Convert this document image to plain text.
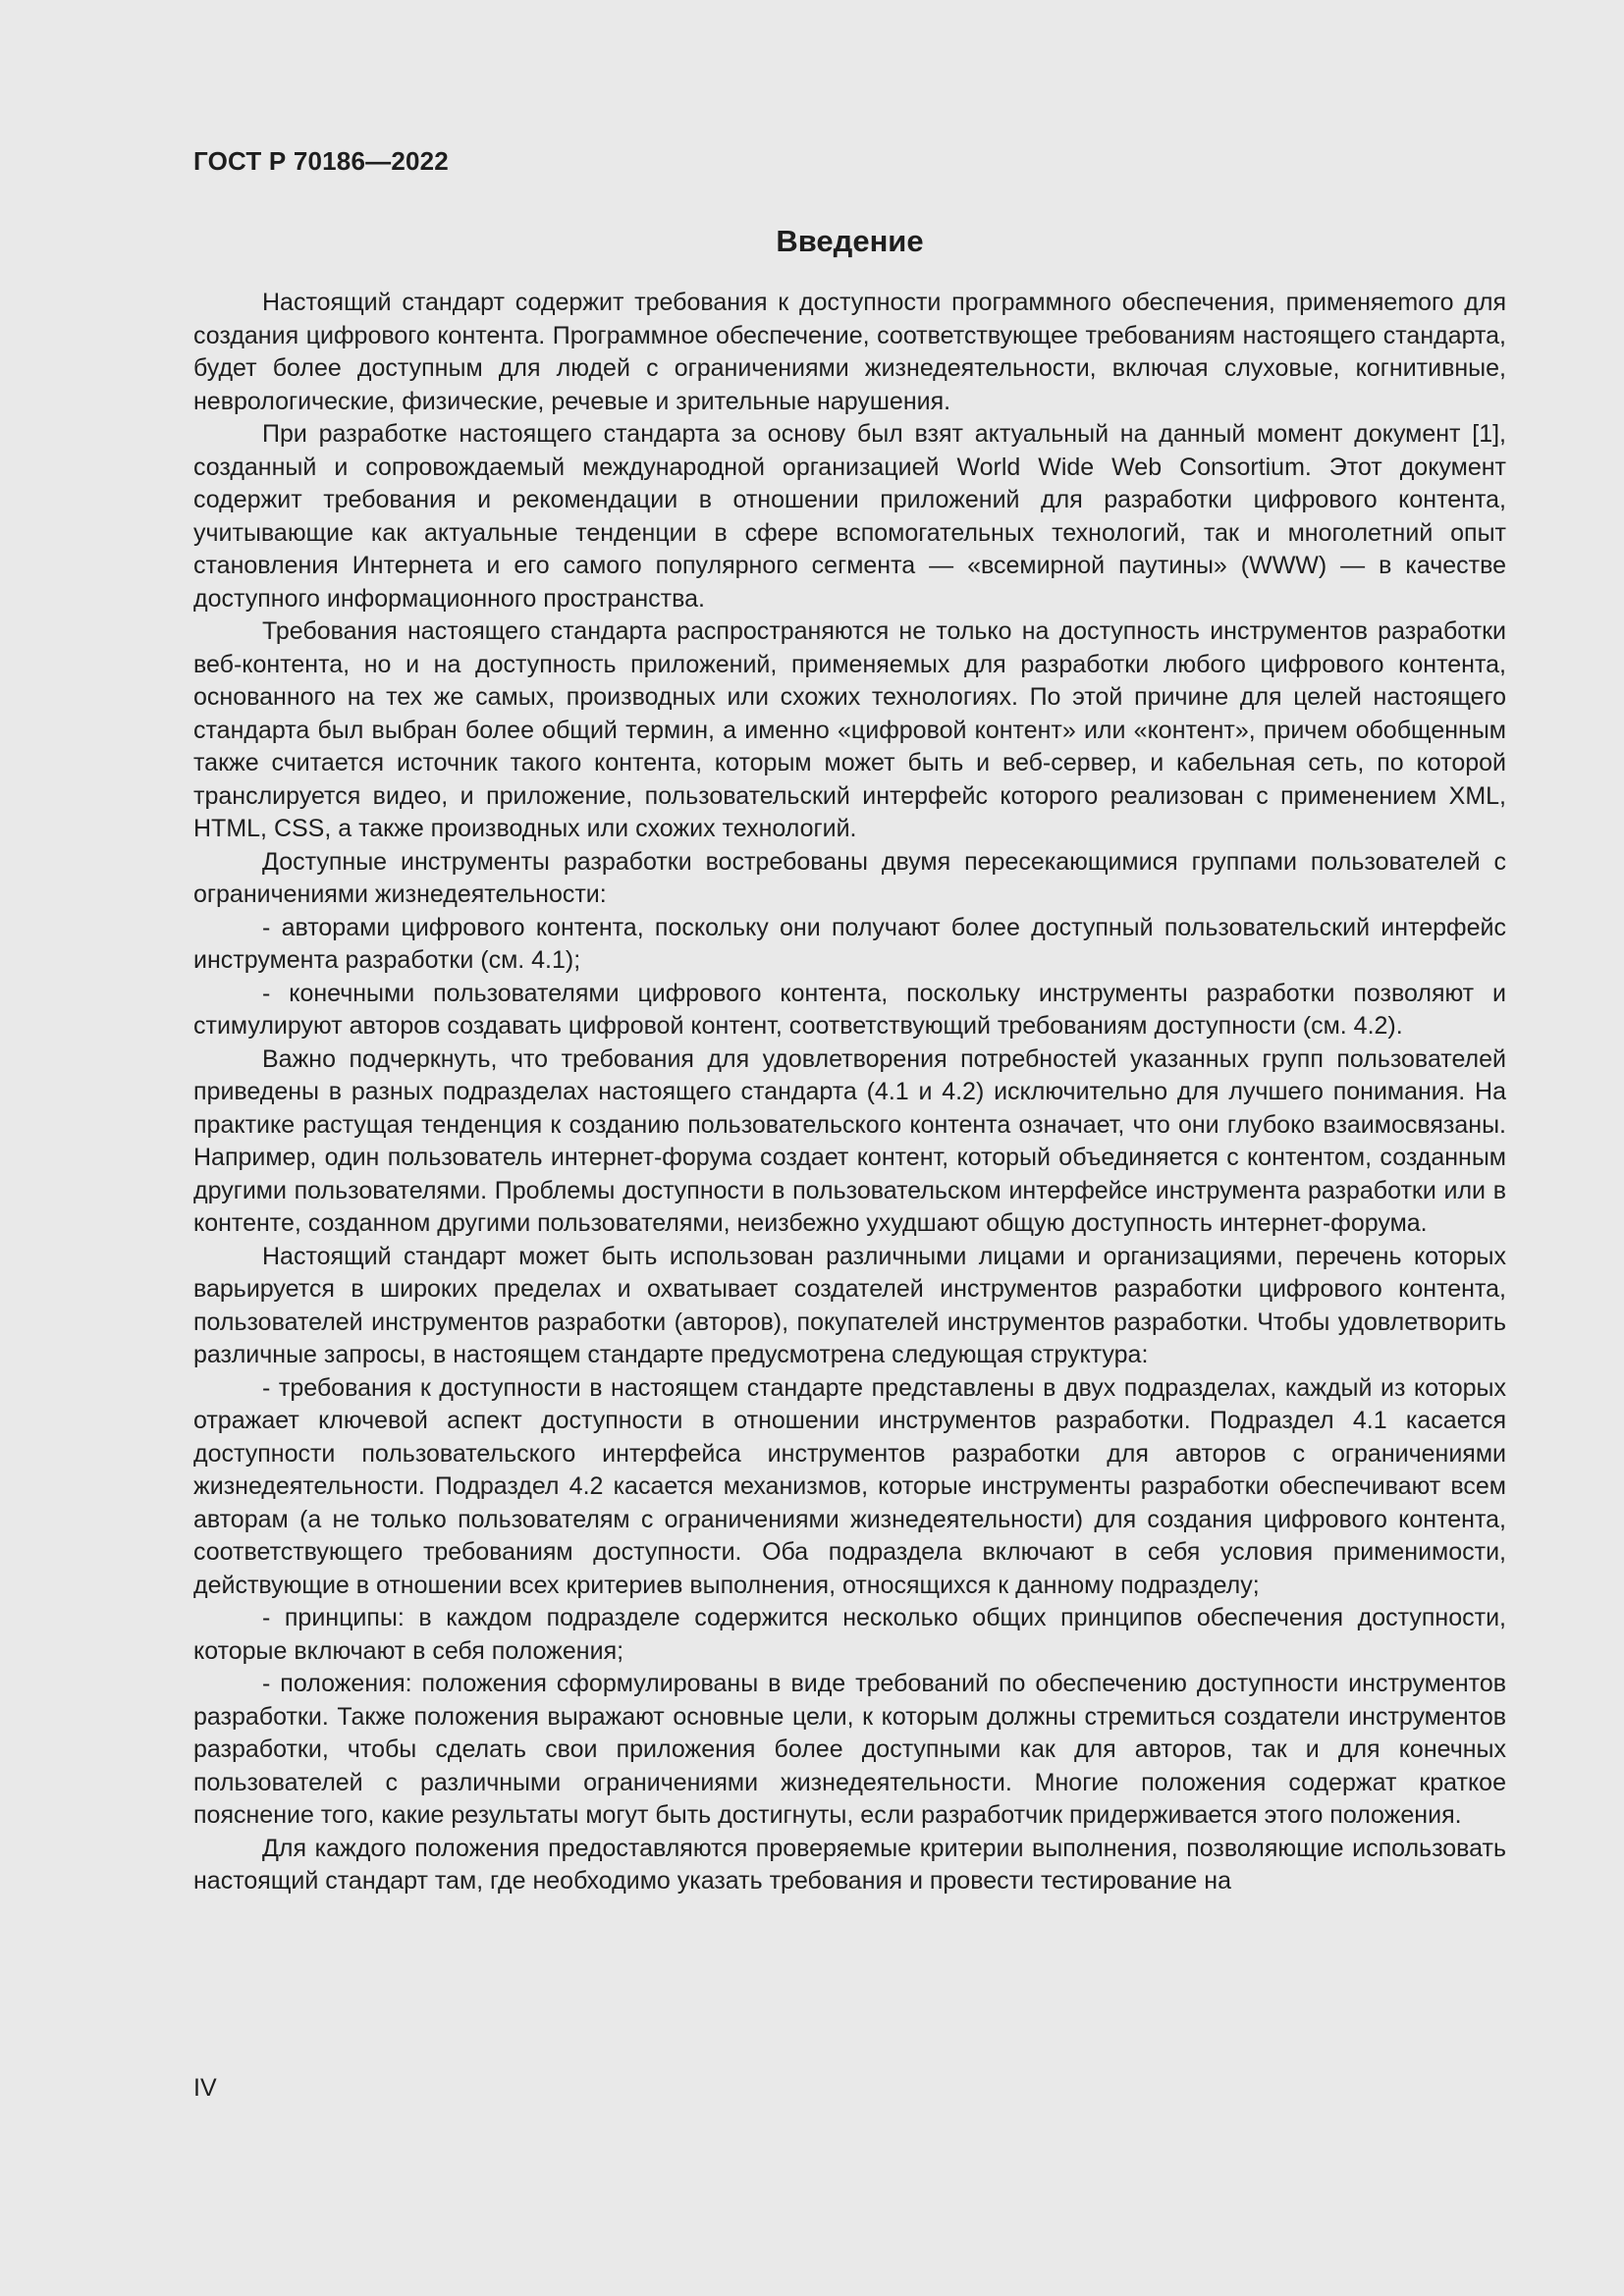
ГОСТ Р 70186—2022
Введение

Настоящий стандарт содержит требования к доступности программного обеспечения, применяеmого для создания цифрового контента. Программное обеспечение, соответствующее требованиям настоящего стандарта, будет более доступным для людей с ограничениями жизнедеятельности, включая слуховые, когнитивные, неврологические, физические, речевые и зрительные нарушения.

При разработке настоящего стандарта за основу был взят актуальный на данный момент документ [1], созданный и сопровождаемый международной организацией World Wide Web Consortium. Этот документ содержит требования и рекомендации в отношении приложений для разработки цифрового контента, учитывающие как актуальные тенденции в сфере вспомогательных технологий, так и многолетний опыт становления Интернета и его самого популярного сегмента — «всемирной паутины» (WWW) — в качестве доступного информационного пространства.

Требования настоящего стандарта распространяются не только на доступность инструментов разработки веб-контента, но и на доступность приложений, применяемых для разработки любого цифрового контента, основанного на тех же самых, производных или схожих технологиях. По этой причине для целей настоящего стандарта был выбран более общий термин, а именно «цифровой контент» или «контент», причем обобщенным также считается источник такого контента, которым может быть и веб-сервер, и кабельная сеть, по которой транслируется видео, и приложение, пользовательский интерфейс которого реализован с применением XML, HTML, CSS, а также производных или схожих технологий.

Доступные инструменты разработки востребованы двумя пересекающимися группами пользователей с ограничениями жизнедеятельности:

- авторами цифрового контента, поскольку они получают более доступный пользовательский интерфейс инструмента разработки (см. 4.1);

- конечными пользователями цифрового контента, поскольку инструменты разработки позволяют и стимулируют авторов создавать цифровой контент, соответствующий требованиям доступности (см. 4.2).

Важно подчеркнуть, что требования для удовлетворения потребностей указанных групп пользователей приведены в разных подразделах настоящего стандарта (4.1 и 4.2) исключительно для лучшего понимания. На практике растущая тенденция к созданию пользовательского контента означает, что они глубоко взаимосвязаны. Например, один пользователь интернет-форума создает контент, который объединяется с контентом, созданным другими пользователями. Проблемы доступности в пользовательском интерфейсе инструмента разработки или в контенте, созданном другими пользователями, неизбежно ухудшают общую доступность интернет-форума.

Настоящий стандарт может быть использован различными лицами и организациями, перечень которых варьируется в широких пределах и охватывает создателей инструментов разработки цифрового контента, пользователей инструментов разработки (авторов), покупателей инструментов разработки. Чтобы удовлетворить различные запросы, в настоящем стандарте предусмотрена следующая структура:

- требования к доступности в настоящем стандарте представлены в двух подразделах, каждый из которых отражает ключевой аспект доступности в отношении инструментов разработки. Подраздел 4.1 касается доступности пользовательского интерфейса инструментов разработки для авторов с ограничениями жизнедеятельности. Подраздел 4.2 касается механизмов, которые инструменты разработки обеспечивают всем авторам (а не только пользователям с ограничениями жизнедеятельности) для создания цифрового контента, соответствующего требованиям доступности. Оба подраздела включают в себя условия применимости, действующие в отношении всех критериев выполнения, относящихся к данному подразделу;

- принципы: в каждом подразделе содержится несколько общих принципов обеспечения доступности, которые включают в себя положения;

- положения: положения сформулированы в виде требований по обеспечению доступности инструментов разработки. Также положения выражают основные цели, к которым должны стремиться создатели инструментов разработки, чтобы сделать свои приложения более доступными как для авторов, так и для конечных пользователей с различными ограничениями жизнедеятельности. Многие положения содержат краткое пояснение того, какие результаты могут быть достигнуты, если разработчик придерживается этого положения.

Для каждого положения предоставляются проверяемые критерии выполнения, позволяющие использовать настоящий стандарт там, где необходимо указать требования и провести тестирование на

IV
